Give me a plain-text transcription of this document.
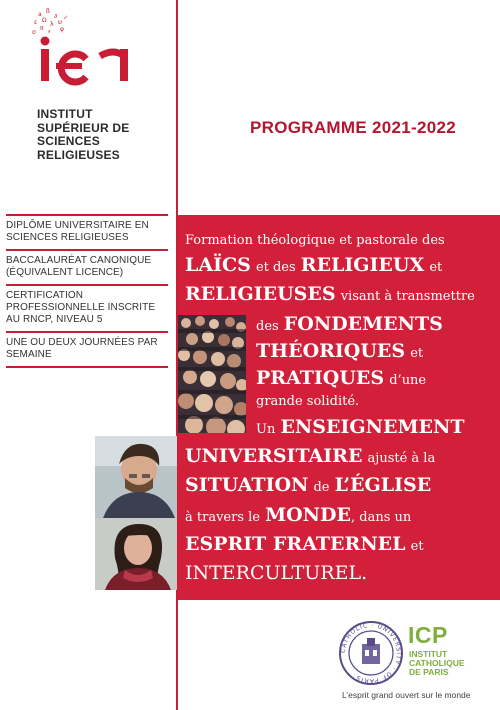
a ß
∂
ε Ω
λ ש
ر
π
σ	φ
ء
INSTITUT
SUPÉRIEUR DE
SCIENCES
RELIGIEUSES
PROGRAMME 2021-2022
DIPLÔME UNIVERSITAIRE EN SCIENCES RELIGIEUSES
BACCALAURÉAT CANONIQUE (ÉQUIVALENT LICENCE)
CERTIFICATION PROFESSIONNELLE INSCRITE AU RNCP, NIVEAU 5
UNE OU DEUX JOURNÉES PAR SEMAINE
Formation théologique et pastorale des
LAÏCS et des RELIGIEUX et
RELIGIEUSES visant à transmettre
des FONDEMENTS
THÉORIQUES et
PRATIQUES d’une
grande solidité.
Un ENSEIGNEMENT
UNIVERSITAIRE ajusté à la
SITUATION de L’ÉGLISE
à travers le MONDE, dans un
ESPRIT FRATERNEL et
INTERCULTUREL.
CATHOLIC · UNIVERSITY · OF PARIS
ICP
INSTITUT
CATHOLIQUE
DE PARIS
L’esprit grand ouvert sur le monde
